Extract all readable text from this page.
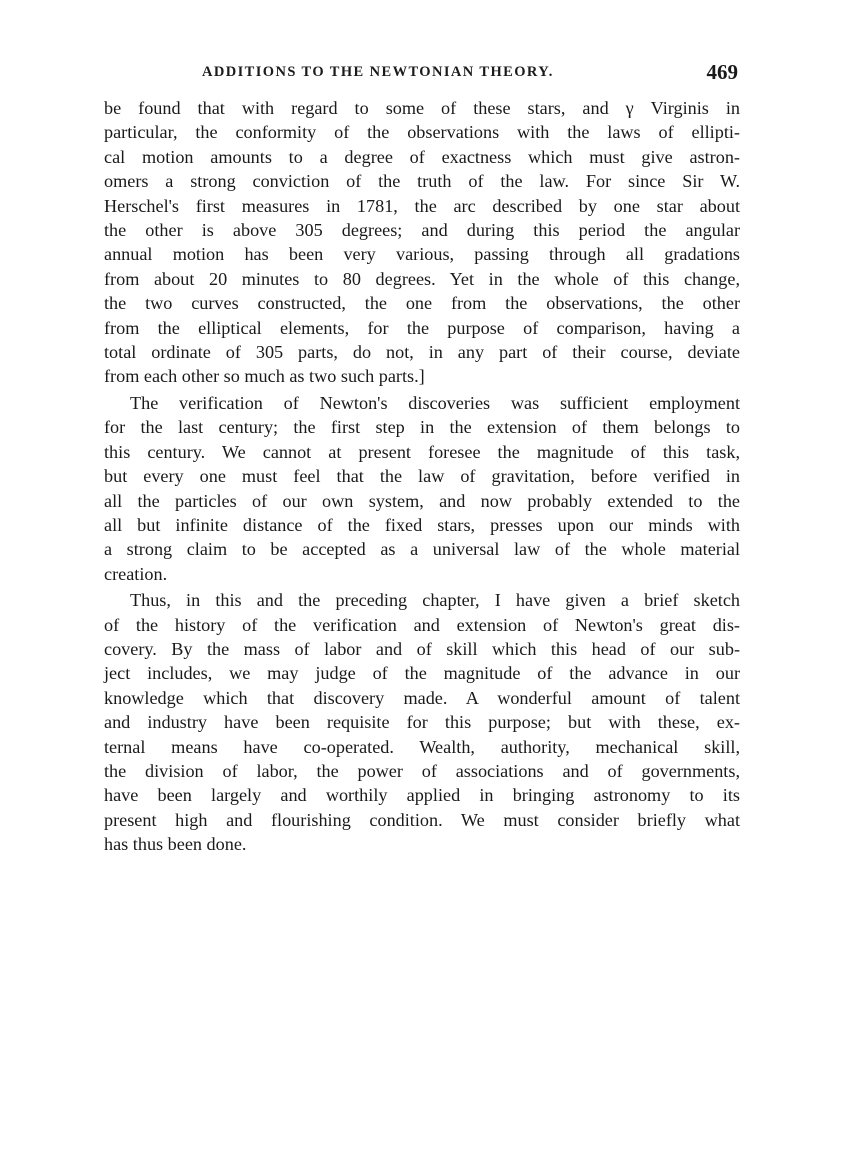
ADDITIONS TO THE NEWTONIAN THEORY.	469

be found that with regard to some of these stars, and γ Virginis in
particular, the conformity of the observations with the laws of ellipti-
cal motion amounts to a degree of exactness which must give astron-
omers a strong conviction of the truth of the law. For since Sir W.
Herschel's first measures in 1781, the arc described by one star about
the other is above 305 degrees; and during this period the angular
annual motion has been very various, passing through all gradations
from about 20 minutes to 80 degrees. Yet in the whole of this change,
the two curves constructed, the one from the observations, the other
from the elliptical elements, for the purpose of comparison, having a
total ordinate of 305 parts, do not, in any part of their course, deviate
from each other so much as two such parts.]

The verification of Newton's discoveries was sufficient employment
for the last century; the first step in the extension of them belongs to
this century. We cannot at present foresee the magnitude of this task,
but every one must feel that the law of gravitation, before verified in
all the particles of our own system, and now probably extended to the
all but infinite distance of the fixed stars, presses upon our minds with
a strong claim to be accepted as a universal law of the whole material
creation.

Thus, in this and the preceding chapter, I have given a brief sketch
of the history of the verification and extension of Newton's great dis-
covery. By the mass of labor and of skill which this head of our sub-
ject includes, we may judge of the magnitude of the advance in our
knowledge which that discovery made. A wonderful amount of talent
and industry have been requisite for this purpose; but with these, ex-
ternal means have co-operated. Wealth, authority, mechanical skill,
the division of labor, the power of associations and of governments,
have been largely and worthily applied in bringing astronomy to its
present high and flourishing condition. We must consider briefly what
has thus been done.
